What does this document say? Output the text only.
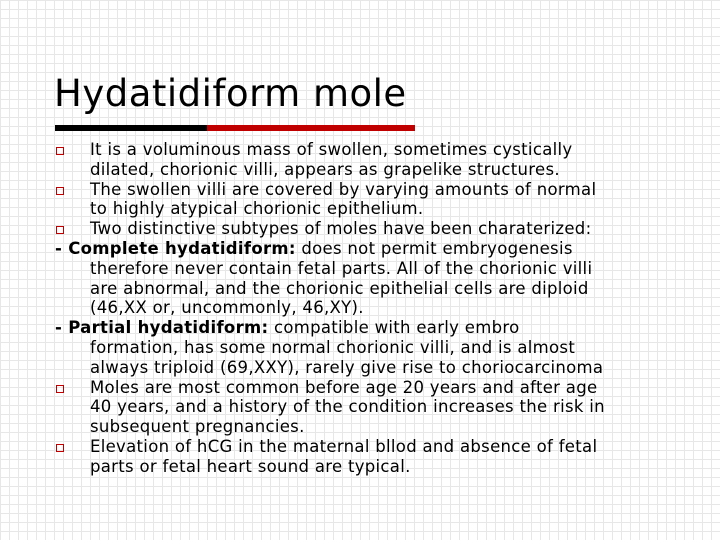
Hydatidiform mole
It is a voluminous mass of swollen, sometimes cystically
dilated, chorionic villi, appears as grapelike structures.
The swollen villi are covered by varying amounts of normal
to highly atypical chorionic epithelium.
Two distinctive subtypes of moles have been charaterized:
- Complete hydatidiform: does not permit embryogenesis
therefore never contain fetal parts. All of the chorionic villi
are abnormal, and the chorionic epithelial cells are diploid
(46,XX or, uncommonly, 46,XY).
- Partial hydatidiform: compatible with early embro
formation, has some normal chorionic villi, and is almost
always triploid (69,XXY), rarely give rise to choriocarcinoma
Moles are most common before age 20 years and after age
40 years, and a history of the condition increases the risk in
subsequent pregnancies.
Elevation of hCG in the maternal bllod and absence of fetal
parts or fetal heart sound are typical.
